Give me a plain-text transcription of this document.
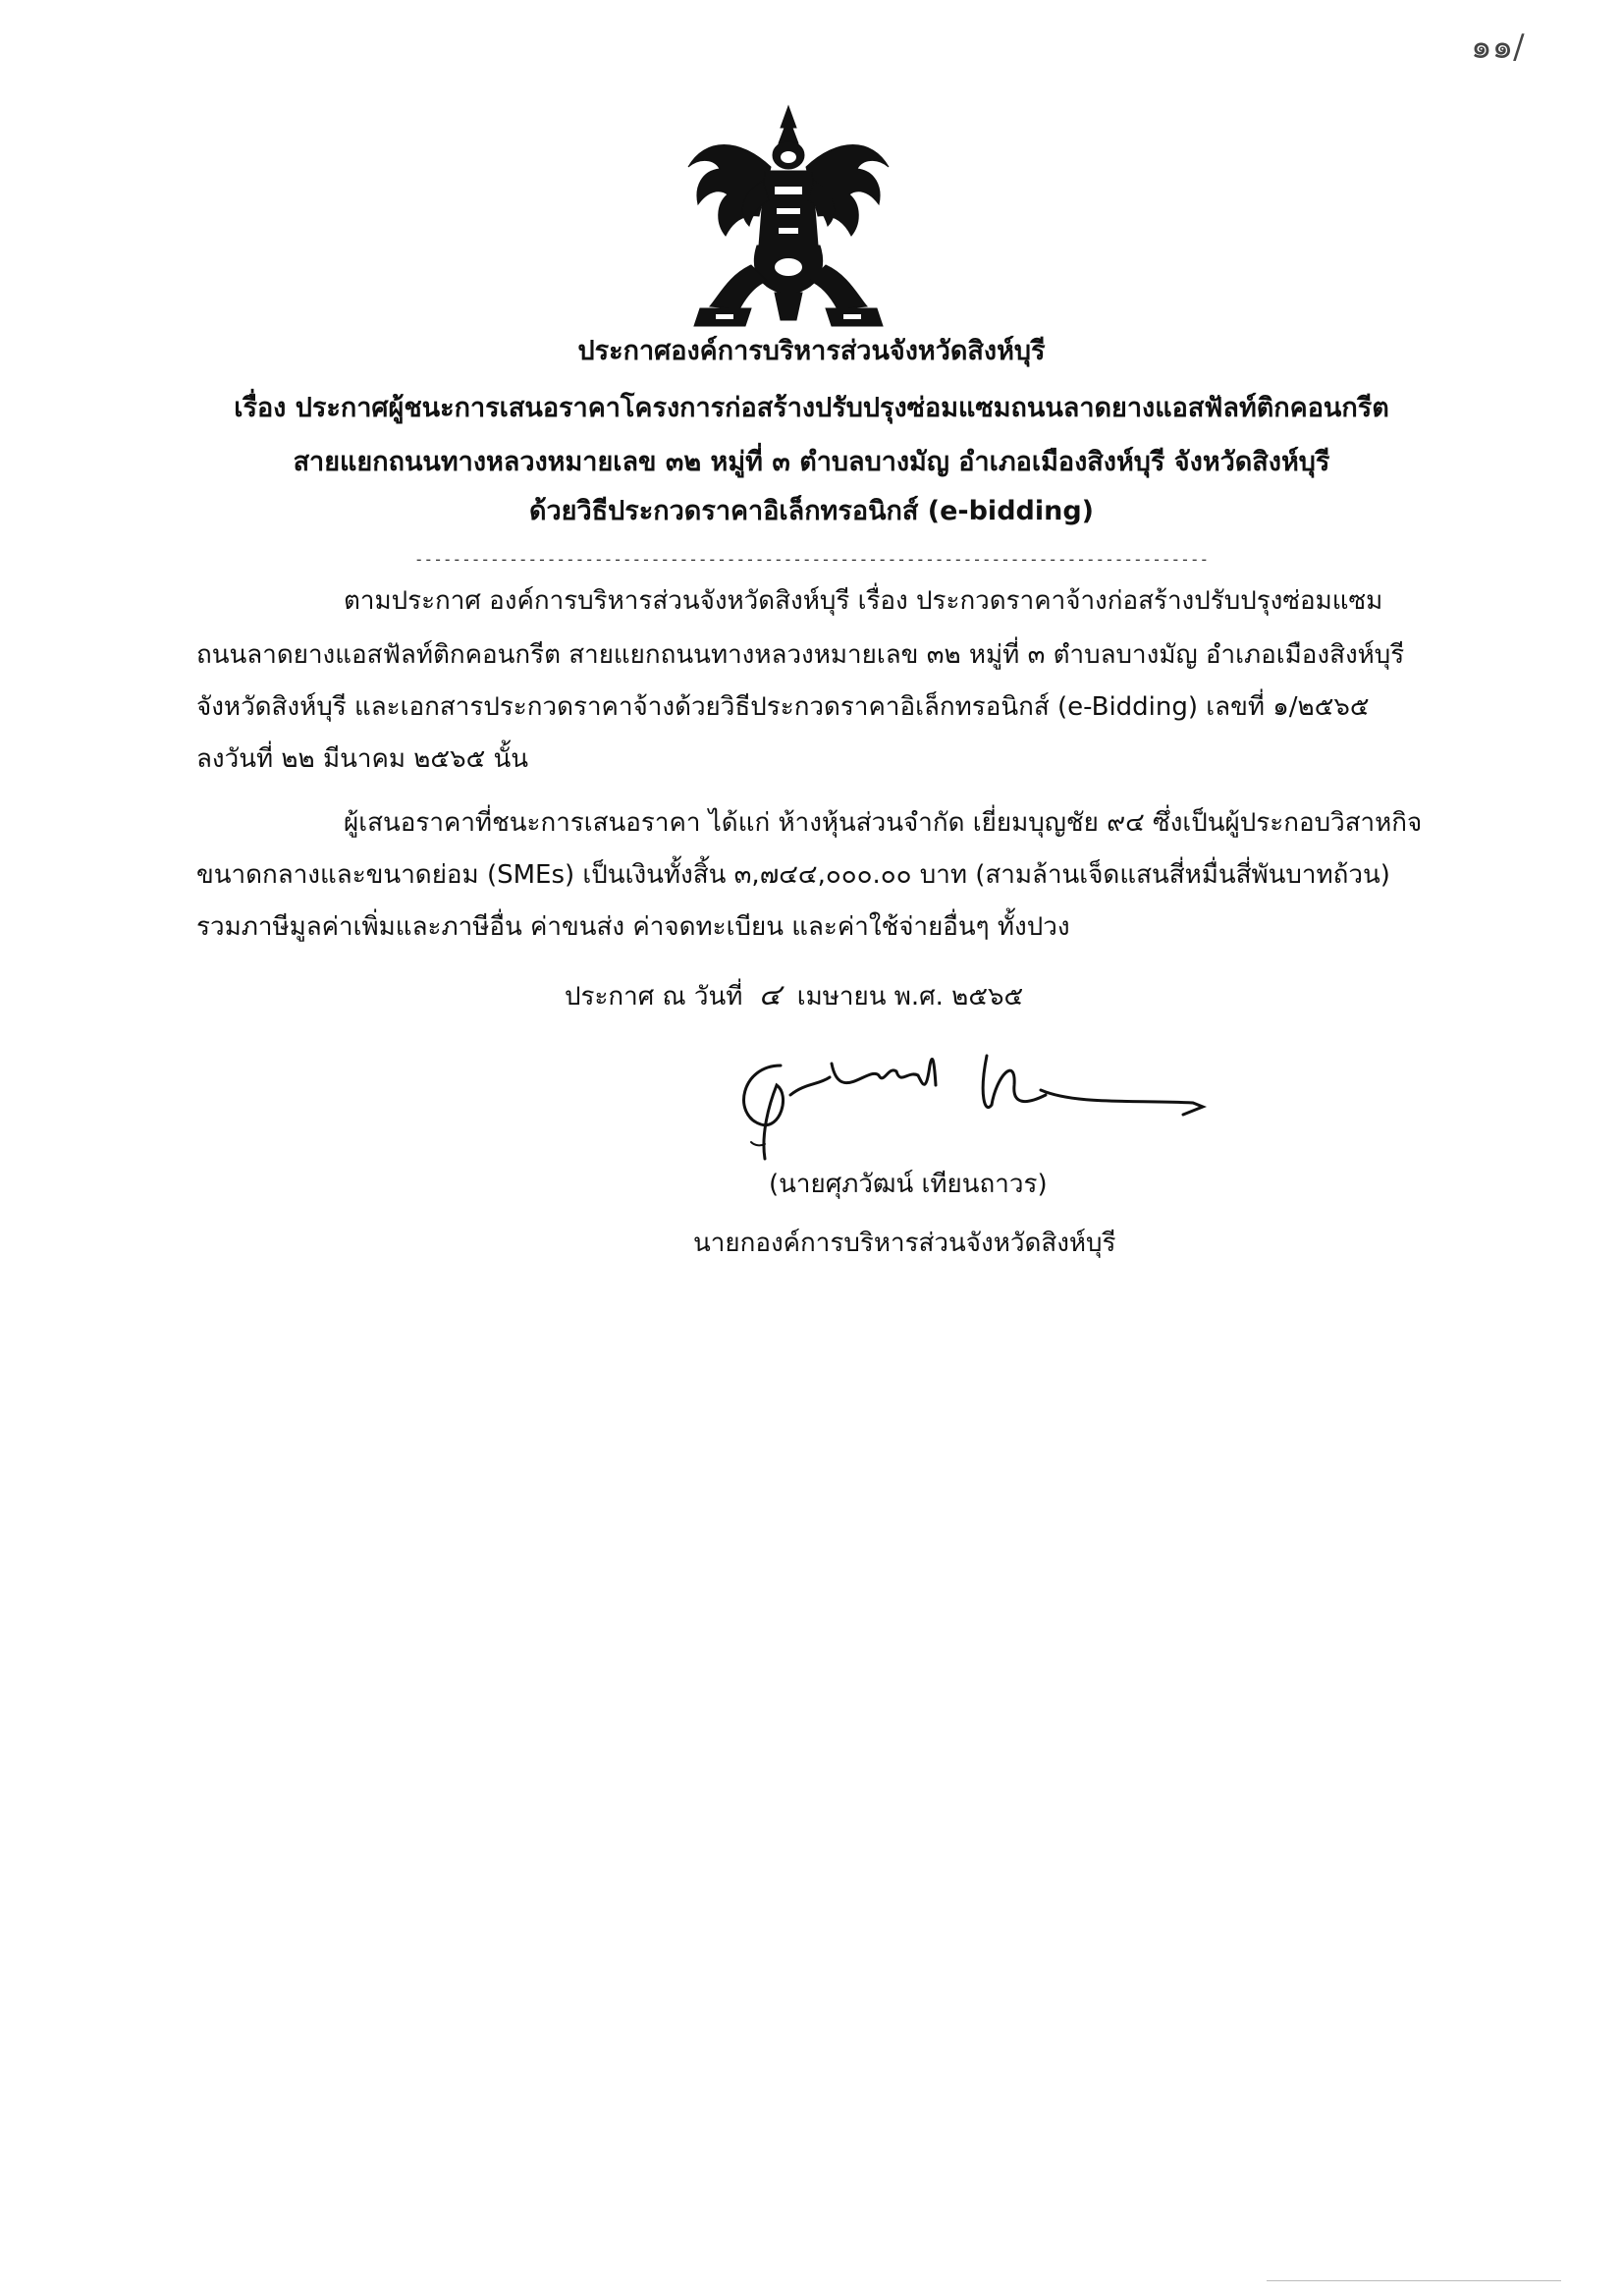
๑๑/
ประกาศองค์การบริหารส่วนจังหวัดสิงห์บุรี
เรื่อง ประกาศผู้ชนะการเสนอราคาโครงการก่อสร้างปรับปรุงซ่อมแซมถนนลาดยางแอสฟัลท์ติกคอนกรีต
สายแยกถนนทางหลวงหมายเลข ๓๒ หมู่ที่ ๓ ตำบลบางมัญ อำเภอเมืองสิงห์บุรี จังหวัดสิงห์บุรี
ด้วยวิธีประกวดราคาอิเล็กทรอนิกส์ (e-bidding)
------------------------------------------------------------------------------------
ตามประกาศ องค์การบริหารส่วนจังหวัดสิงห์บุรี เรื่อง ประกวดราคาจ้างก่อสร้างปรับปรุงซ่อมแซม
ถนนลาดยางแอสฟัลท์ติกคอนกรีต สายแยกถนนทางหลวงหมายเลข ๓๒ หมู่ที่ ๓ ตำบลบางมัญ อำเภอเมืองสิงห์บุรี
จังหวัดสิงห์บุรี และเอกสารประกวดราคาจ้างด้วยวิธีประกวดราคาอิเล็กทรอนิกส์ (e-Bidding) เลขที่ ๑/๒๕๖๕
ลงวันที่ ๒๒ มีนาคม ๒๕๖๕ นั้น
ผู้เสนอราคาที่ชนะการเสนอราคา ได้แก่ ห้างหุ้นส่วนจำกัด เยี่ยมบุญชัย ๙๔ ซึ่งเป็นผู้ประกอบวิสาหกิจ
ขนาดกลางและขนาดย่อม (SMEs) เป็นเงินทั้งสิ้น ๓,๗๔๔,๐๐๐.๐๐ บาท (สามล้านเจ็ดแสนสี่หมื่นสี่พันบาทถ้วน)
รวมภาษีมูลค่าเพิ่มและภาษีอื่น ค่าขนส่ง ค่าจดทะเบียน และค่าใช้จ่ายอื่นๆ ทั้งปวง
ประกาศ ณ วันที่ ๔ เมษายน พ.ศ. ๒๕๖๕
(นายศุภวัฒน์ เทียนถาวร)
นายกองค์การบริหารส่วนจังหวัดสิงห์บุรี
